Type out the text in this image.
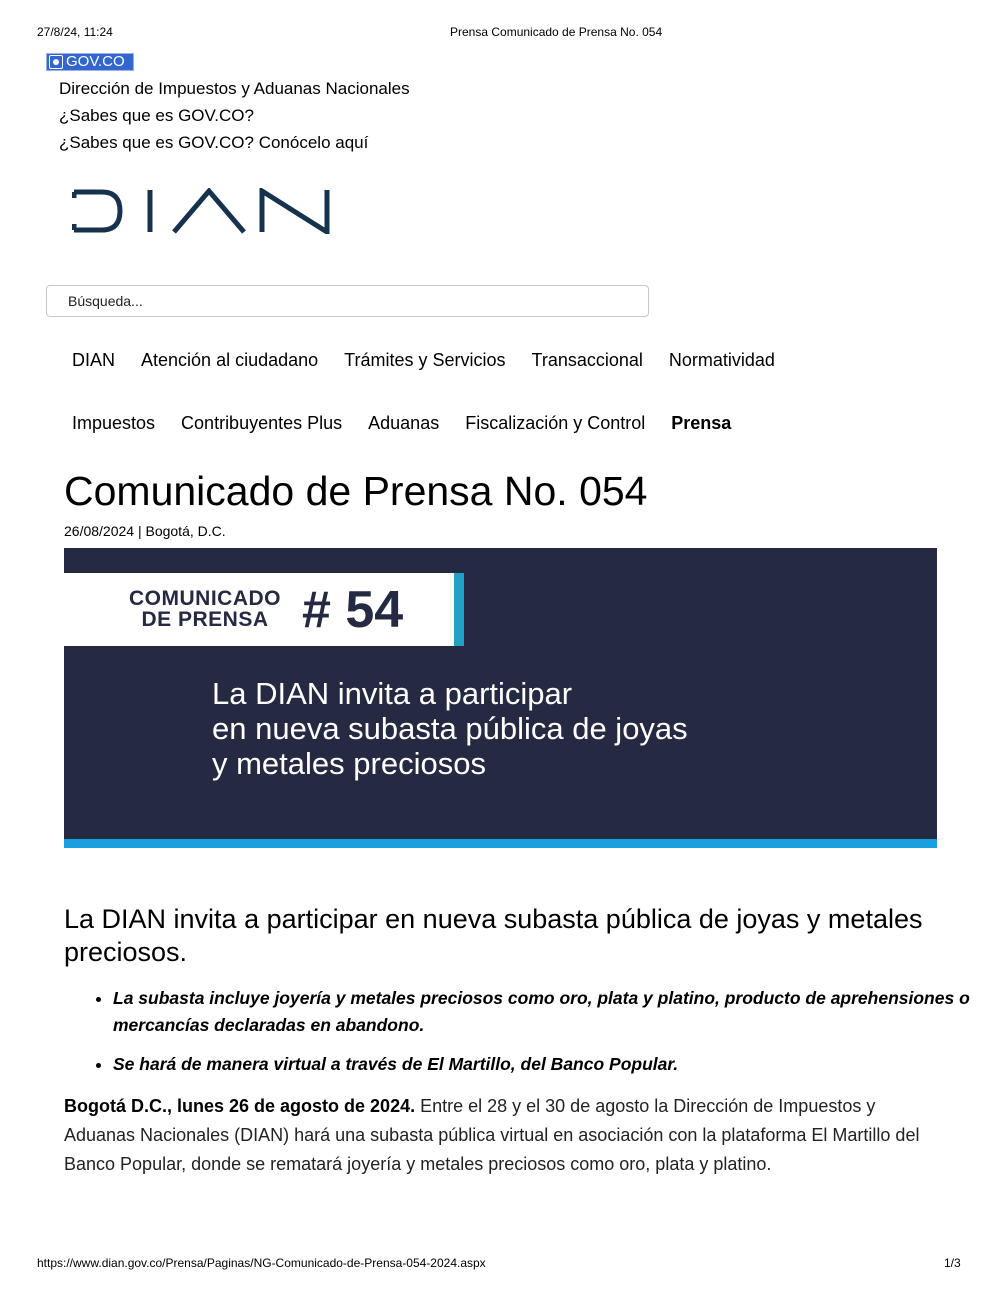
27/8/24, 11:24	Prensa Comunicado de Prensa No. 054
GOV.CO
Dirección de Impuestos y Aduanas Nacionales
¿Sabes que es GOV.CO?
¿Sabes que es GOV.CO? Conócelo aquí
Búsqueda...
DIAN Atención al ciudadano Trámites y Servicios Transaccional Normatividad
Impuestos Contribuyentes Plus Aduanas Fiscalización y Control Prensa
Comunicado de Prensa No. 054
26/08/2024 | Bogotá, D.C.
COMUNICADO
DE PRENSA # 54
La DIAN invita a participar
en nueva subasta pública de joyas
y metales preciosos
La DIAN invita a participar en nueva subasta pública de joyas y metales preciosos.
• La subasta incluye joyería y metales preciosos como oro, plata y platino, producto de aprehensiones o mercancías declaradas en abandono.
• Se hará de manera virtual a través de El Martillo, del Banco Popular.

Bogotá D.C., lunes 26 de agosto de 2024. Entre el 28 y el 30 de agosto la Dirección de Impuestos y Aduanas Nacionales (DIAN) hará una subasta pública virtual en asociación con la plataforma El Martillo del Banco Popular, donde se rematará joyería y metales preciosos como oro, plata y platino.

https://www.dian.gov.co/Prensa/Paginas/NG-Comunicado-de-Prensa-054-2024.aspx	1/3
